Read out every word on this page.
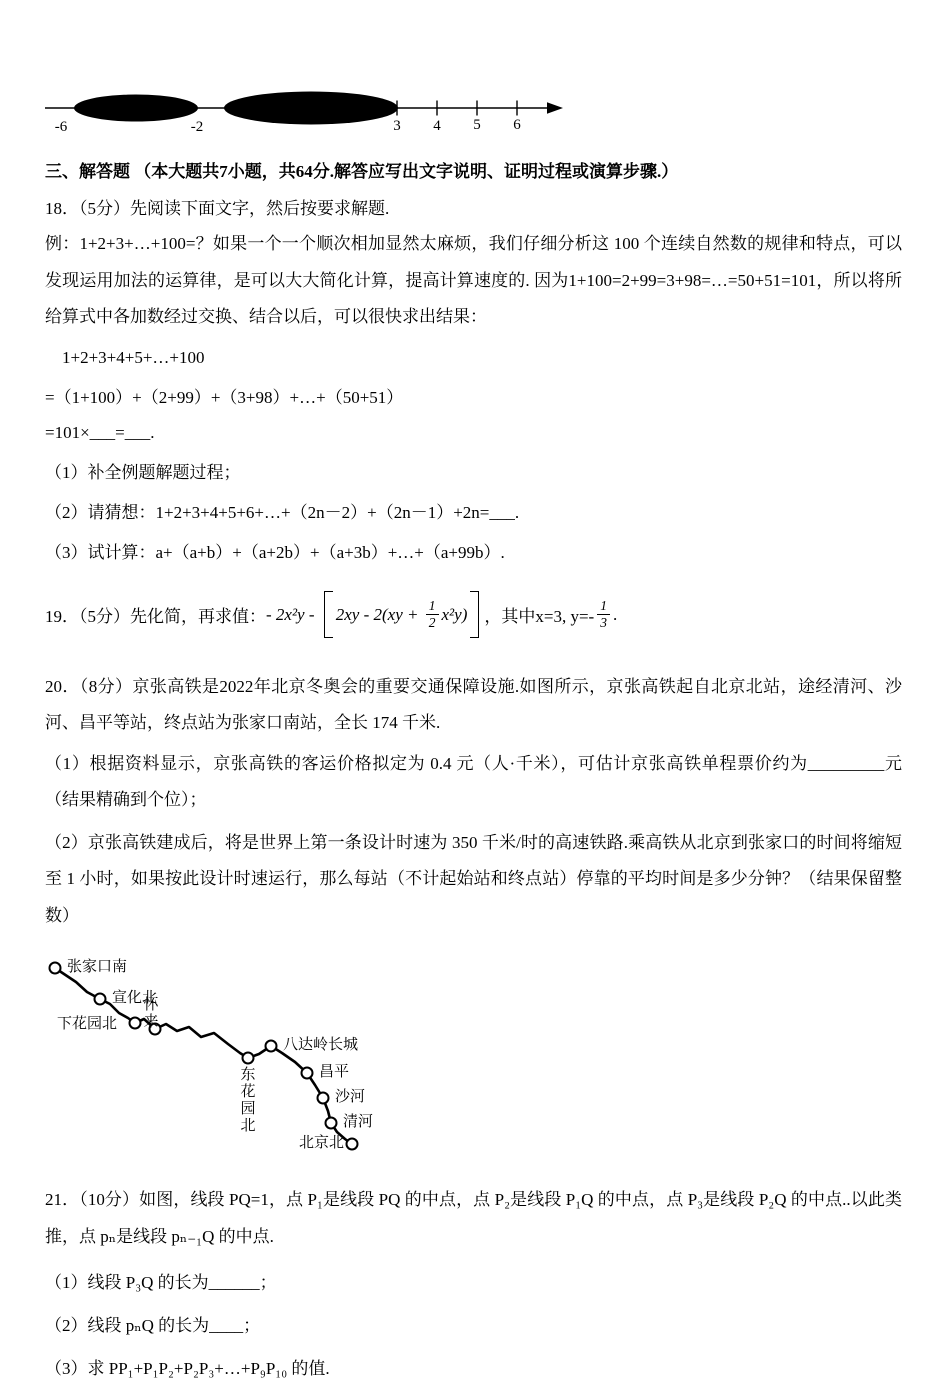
-6	-2	3 4 5 6

三、解答题 （本大题共7小题，共64分.解答应写出文字说明、证明过程或演算步骤.）

18．（5分）先阅读下面文字，然后按要求解题.

例：1+2+3+…+100=？如果一个一个顺次相加显然太麻烦，我们仔细分析这 100 个连续自然数的规律和特点，可以发现运用加法的运算律，是可以大大简化计算，提高计算速度的. 因为1+100=2+99=3+98=…=50+51=101，所以将所给算式中各加数经过交换、结合以后，可以很快求出结果：

1+2+3+4+5+…+100

=（1+100）+（2+99）+（3+98）+…+（50+51）

=101×___=___.

（1）补全例题解题过程；

（2）请猜想：1+2+3+4+5+6+…+（2n－2）+（2n－1）+2n=___.

（3）试计算：a+（a+b）+（a+2b）+（a+3b）+…+（a+99b）.

19．（5分）先化简，再求值： - $2x^2y - 2xy - 2(xy + \frac{1}{2} x^2y)$ ，其中x=3, $y=- \frac{1}{3}$ .

20．（8分）京张高铁是2022年北京冬奥会的重要交通保障设施.如图所示，京张高铁起自北京北站，途经清河、沙河、昌平等站，终点站为张家口南站，全长 174 千米.

（1）根据资料显示，京张高铁的客运价格拟定为 0.4 元（人·千米），可估计京张高铁单程票价约为_________元（结果精确到个位）；

（2）京张高铁建成后，将是世界上第一条设计时速为 350 千米/时的高速铁路.乘高铁从北京到张家口的时间将缩短至 1 小时，如果按此设计时速运行，那么每站（不计起始站和终点站）停靠的平均时间是多少分钟？（结果保留整数）

张家口南
宣化北
下花园北 怀来
东花园北
八达岭长城
昌平
沙河
清河
北京北

21．（10分）如图，线段 PQ=1，点 P₁是线段 PQ 的中点，点 P₂是线段 P₁Q 的中点，点 P₃是线段 P₂Q 的中点..以此类推，点 pₙ是线段 pₙ₋₁Q 的中点.

（1）线段 P₃Q 的长为______；

（2）线段 pₙQ 的长为____；

（3）求 PP₁+P₁P₂+P₂P₃+…+P₉P₁₀ 的值.
